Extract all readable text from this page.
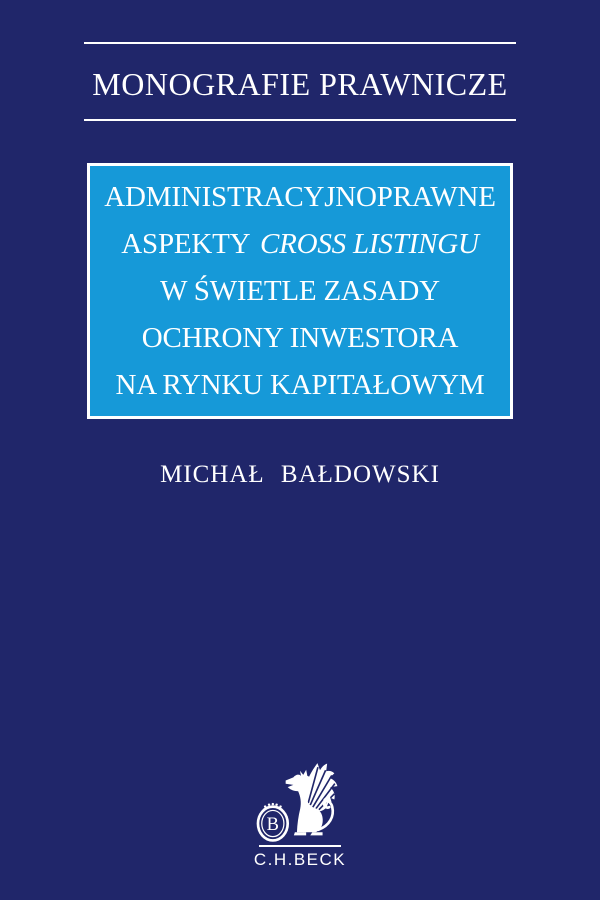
MONOGRAFIE PRAWNICZE
ADMINISTRACYJNOPRAWNE
ASPEKTY CROSS LISTINGU
W ŚWIETLE ZASADY
OCHRONY INWESTORA
NA RYNKU KAPITAŁOWYM
MICHAŁ BAŁDOWSKI
B
C.H.BECK
